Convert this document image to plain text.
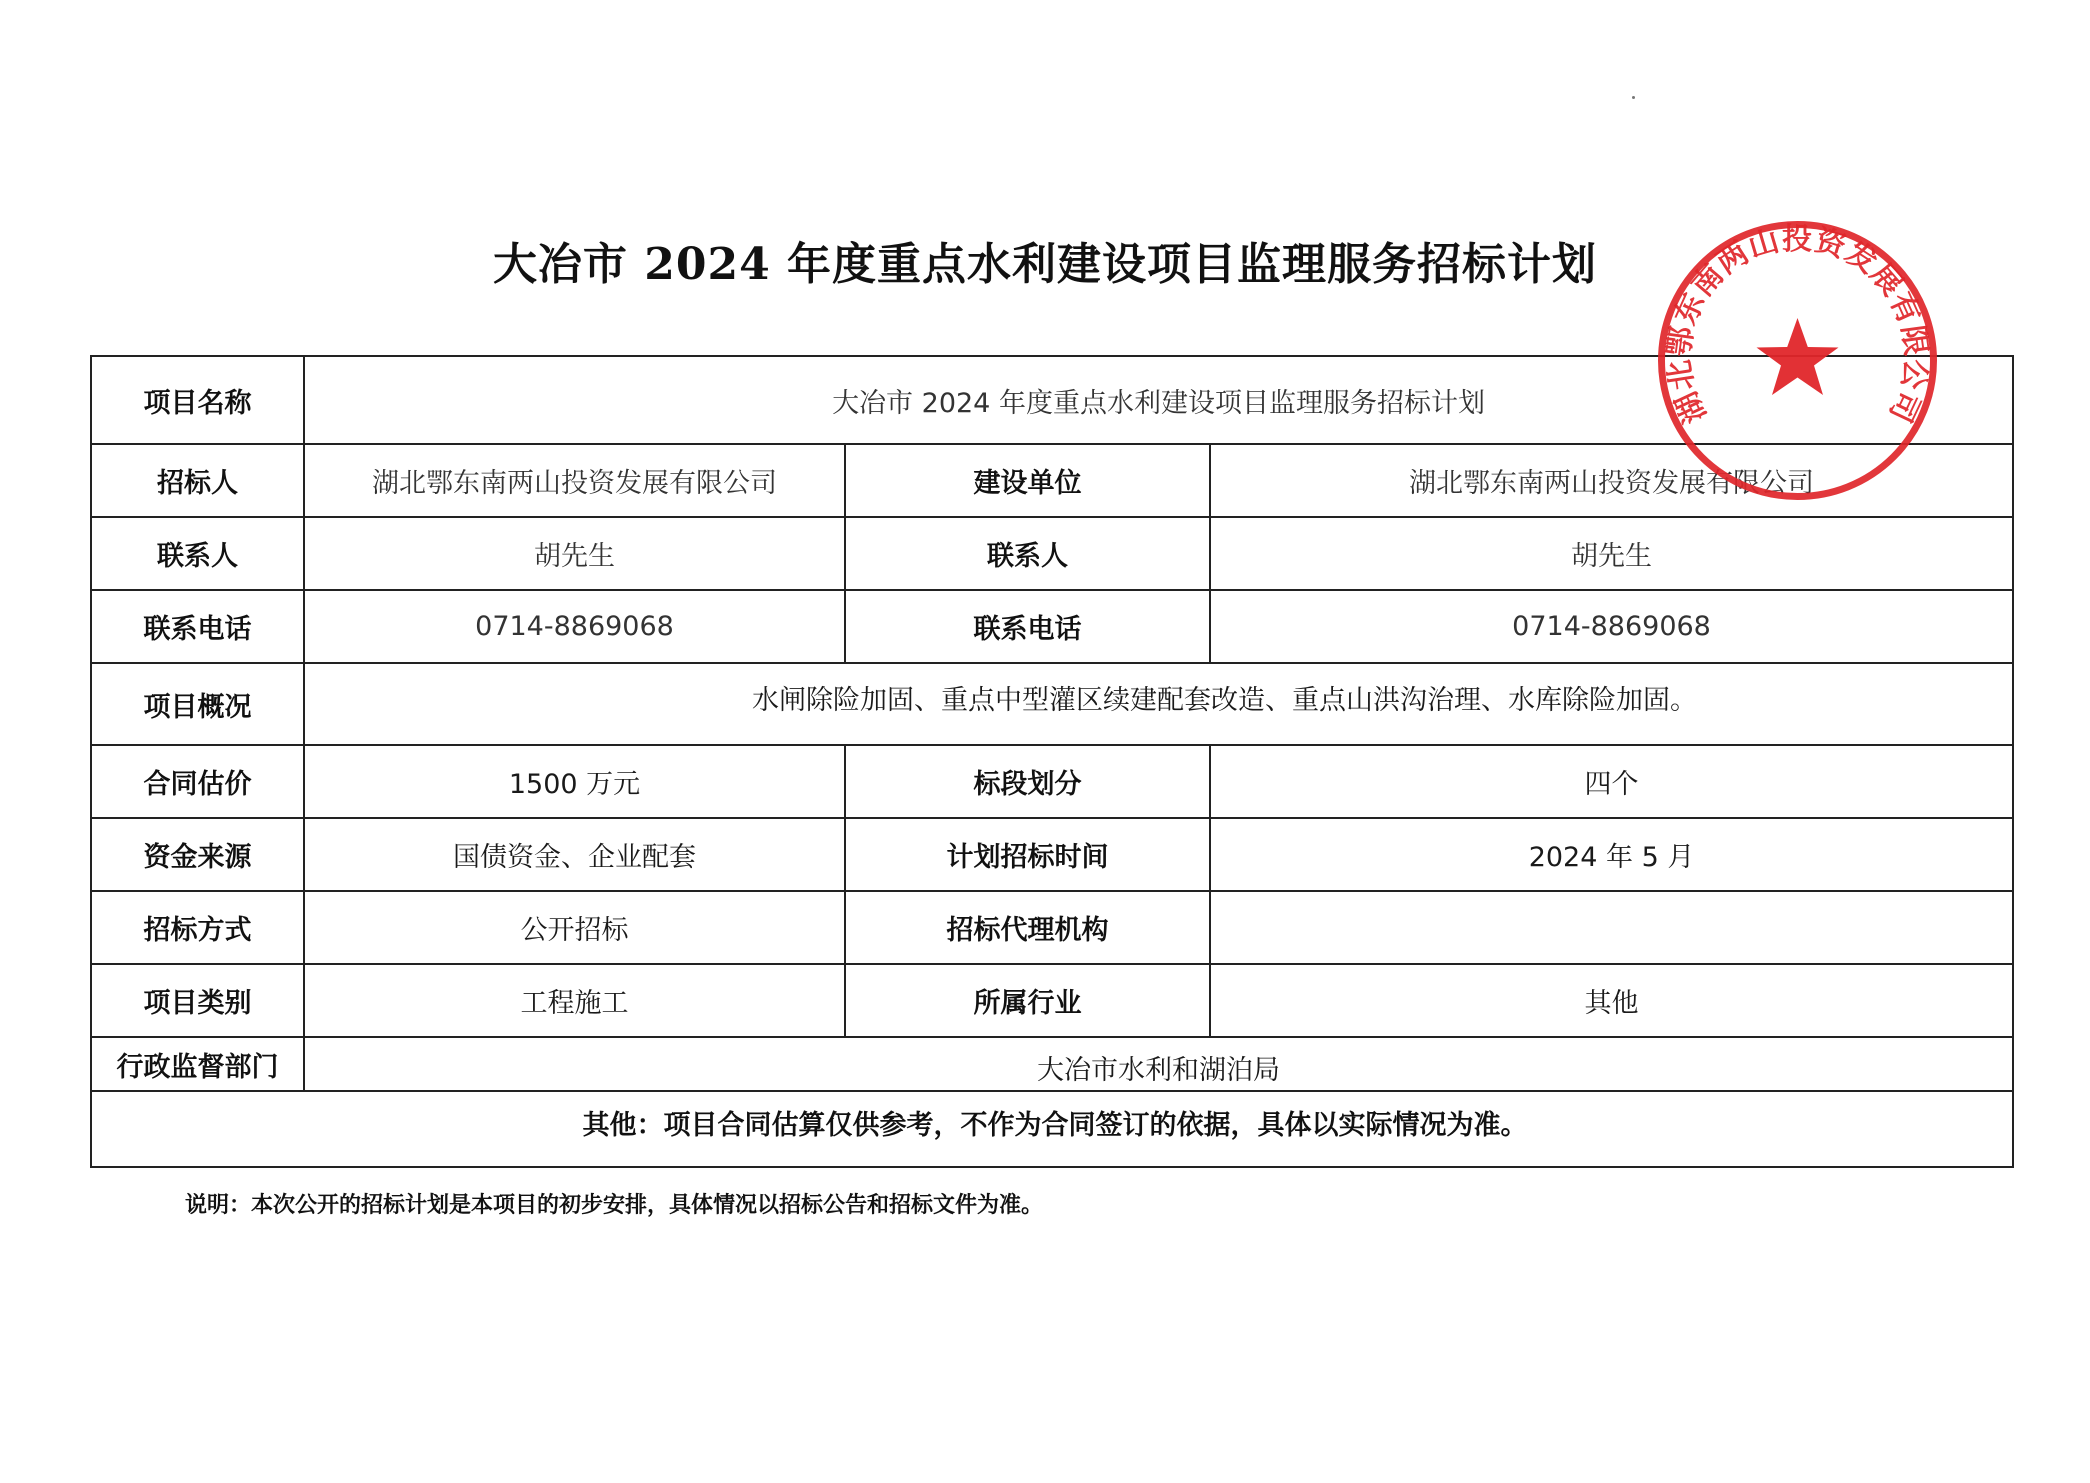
大冶市 2024 年度重点水利建设项目监理服务招标计划
项目名称	大冶市 2024 年度重点水利建设项目监理服务招标计划		
招标人	湖北鄂东南两山投资发展有限公司	建设单位	湖北鄂东南两山投资发展有限公司
联系人	胡先生	联系人	胡先生
联系电话	0714-8869068	联系电话	0714-8869068
项目概况	水闸除险加固、重点中型灌区续建配套改造、重点山洪沟治理、水库除险加固。		
合同估价	1500 万元	标段划分	四个
资金来源	国债资金、企业配套	计划招标时间	2024 年 5 月
招标方式	公开招标	招标代理机构	
项目类别	工程施工	所属行业	其他
行政监督部门	大冶市水利和湖泊局		
其他：项目合同估算仅供参考，不作为合同签订的依据，具体以实际情况为准。			
说明：本次公开的招标计划是本项目的初步安排，具体情况以招标公告和招标文件为准。
湖北鄂东南两山投资发展有限公司
